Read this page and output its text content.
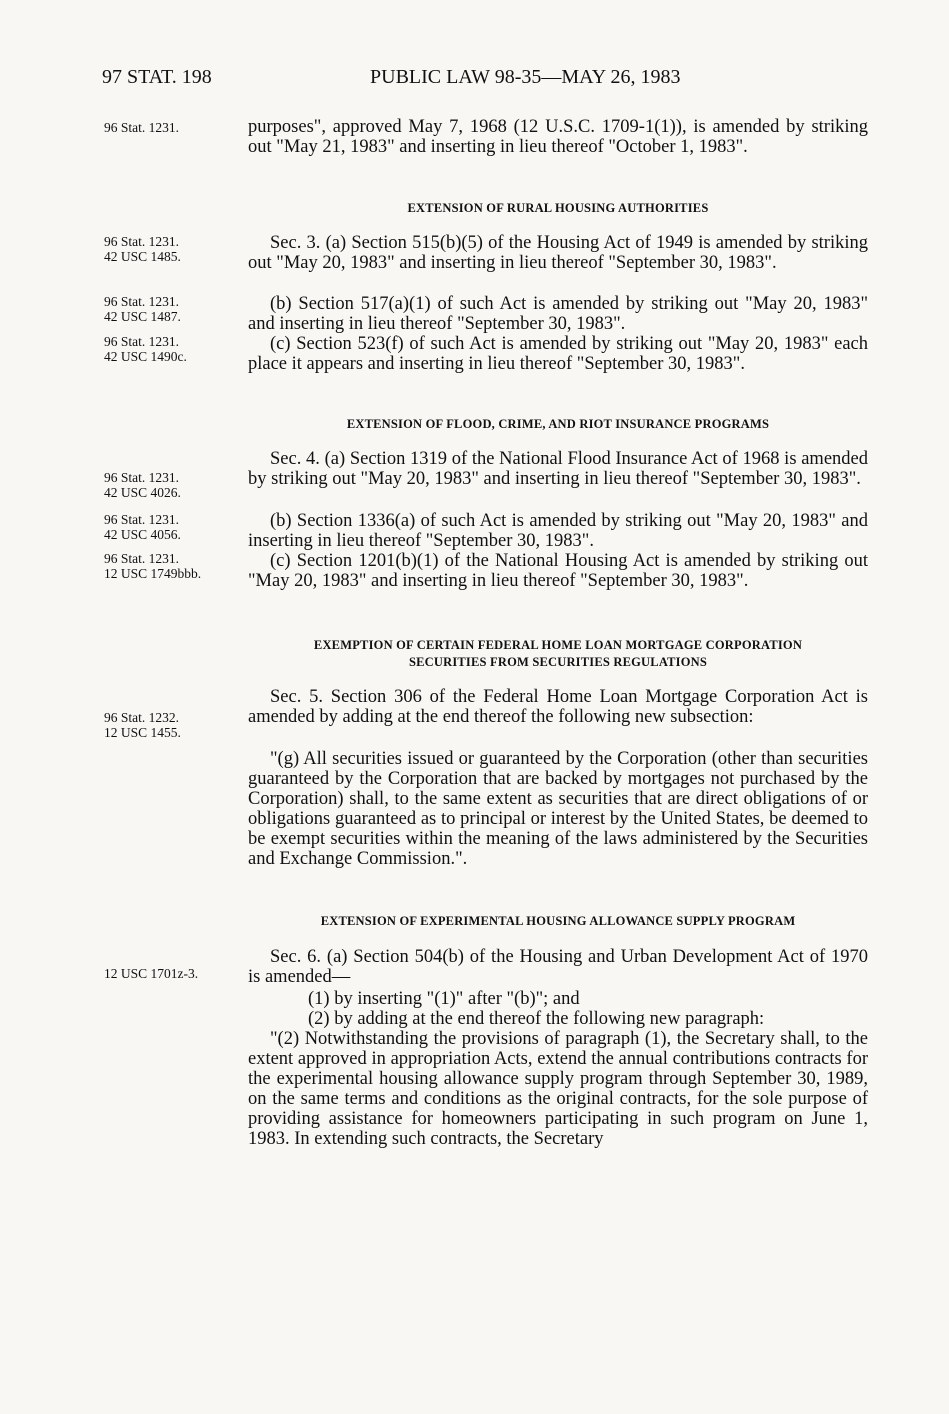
97 STAT. 198	PUBLIC LAW 98-35—MAY 26, 1983
96 Stat. 1231.
96 Stat. 1231.
42 USC 1485.
96 Stat. 1231.
42 USC 1487.
96 Stat. 1231.
42 USC 1490c.
96 Stat. 1231.
42 USC 4026.
96 Stat. 1231.
42 USC 4056.
96 Stat. 1231.
12 USC 1749bbb.
96 Stat. 1232.
12 USC 1455.
12 USC 1701z-3.
purposes", approved May 7, 1968 (12 U.S.C. 1709-1(1)), is amended by striking out "May 21, 1983" and inserting in lieu thereof "October 1, 1983".
EXTENSION OF RURAL HOUSING AUTHORITIES
Sec. 3. (a) Section 515(b)(5) of the Housing Act of 1949 is amended by striking out "May 20, 1983" and inserting in lieu thereof "September 30, 1983".
(b) Section 517(a)(1) of such Act is amended by striking out "May 20, 1983" and inserting in lieu thereof "September 30, 1983".
(c) Section 523(f) of such Act is amended by striking out "May 20, 1983" each place it appears and inserting in lieu thereof "September 30, 1983".
EXTENSION OF FLOOD, CRIME, AND RIOT INSURANCE PROGRAMS
Sec. 4. (a) Section 1319 of the National Flood Insurance Act of 1968 is amended by striking out "May 20, 1983" and inserting in lieu thereof "September 30, 1983".
(b) Section 1336(a) of such Act is amended by striking out "May 20, 1983" and inserting in lieu thereof "September 30, 1983".
(c) Section 1201(b)(1) of the National Housing Act is amended by striking out "May 20, 1983" and inserting in lieu thereof "September 30, 1983".
EXEMPTION OF CERTAIN FEDERAL HOME LOAN MORTGAGE CORPORATION
SECURITIES FROM SECURITIES REGULATIONS
Sec. 5. Section 306 of the Federal Home Loan Mortgage Corporation Act is amended by adding at the end thereof the following new subsection:
"(g) All securities issued or guaranteed by the Corporation (other than securities guaranteed by the Corporation that are backed by mortgages not purchased by the Corporation) shall, to the same extent as securities that are direct obligations of or obligations guaranteed as to principal or interest by the United States, be deemed to be exempt securities within the meaning of the laws administered by the Securities and Exchange Commission.".
EXTENSION OF EXPERIMENTAL HOUSING ALLOWANCE SUPPLY PROGRAM
Sec. 6. (a) Section 504(b) of the Housing and Urban Development Act of 1970 is amended—
(1) by inserting "(1)" after "(b)"; and
(2) by adding at the end thereof the following new paragraph:
"(2) Notwithstanding the provisions of paragraph (1), the Secretary shall, to the extent approved in appropriation Acts, extend the annual contributions contracts for the experimental housing allowance supply program through September 30, 1989, on the same terms and conditions as the original contracts, for the sole purpose of providing assistance for homeowners participating in such program on June 1, 1983. In extending such contracts, the Secretary
